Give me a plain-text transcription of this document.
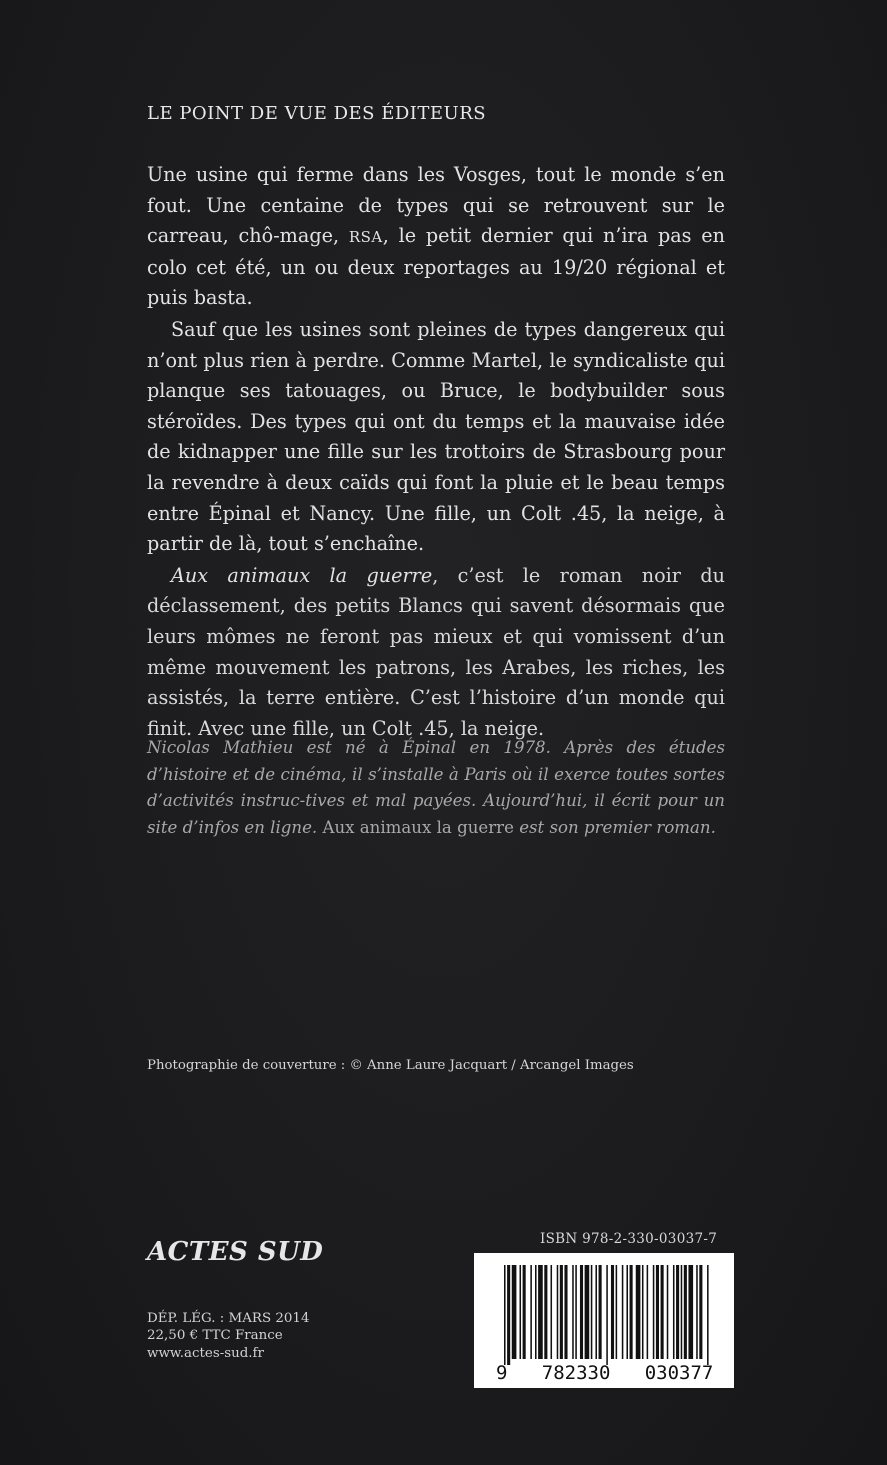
LE POINT DE VUE DES ÉDITEURS

Une usine qui ferme dans les Vosges, tout le monde s’en fout. Une centaine de types qui se retrouvent sur le carreau, chô-mage, RSA, le petit dernier qui n’ira pas en colo cet été, un ou deux reportages au 19/20 régional et puis basta.

Sauf que les usines sont pleines de types dangereux qui n’ont plus rien à perdre. Comme Martel, le syndicaliste qui planque ses tatouages, ou Bruce, le bodybuilder sous stéroïdes. Des types qui ont du temps et la mauvaise idée de kidnapper une fille sur les trottoirs de Strasbourg pour la revendre à deux caïds qui font la pluie et le beau temps entre Épinal et Nancy. Une fille, un Colt .45, la neige, à partir de là, tout s’enchaîne.

Aux animaux la guerre, c’est le roman noir du déclassement, des petits Blancs qui savent désormais que leurs mômes ne feront pas mieux et qui vomissent d’un même mouvement les patrons, les Arabes, les riches, les assistés, la terre entière. C’est l’histoire d’un monde qui finit. Avec une fille, un Colt .45, la neige.

Nicolas Mathieu est né à Épinal en 1978. Après des études d’histoire et de cinéma, il s’installe à Paris où il exerce toutes sortes d’activités instruc-tives et mal payées. Aujourd’hui, il écrit pour un site d’infos en ligne. Aux animaux la guerre est son premier roman.

Photographie de couverture : © Anne Laure Jacquart / Arcangel Images

ISBN 978-2-330-03037-7
9   782330   030377
ACTES SUD
DÉP. LÉG. : MARS 2014
22,50 € TTC France
www.actes-sud.fr
